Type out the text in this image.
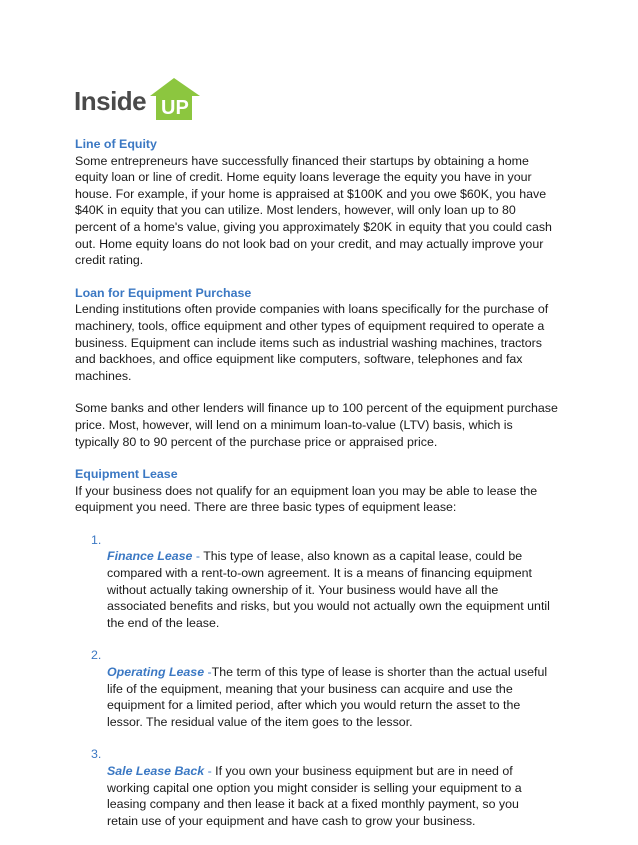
Inside UP

Line of Equity

Some entrepreneurs have successfully financed their startups by obtaining a home
equity loan or line of credit. Home equity loans leverage the equity you have in your
house. For example, if your home is appraised at $100K and you owe $60K, you have
$40K in equity that you can utilize. Most lenders, however, will only loan up to 80
percent of a home's value, giving you approximately $20K in equity that you could cash
out. Home equity loans do not look bad on your credit, and may actually improve your
credit rating.

Loan for Equipment Purchase

Lending institutions often provide companies with loans specifically for the purchase of
machinery, tools, office equipment and other types of equipment required to operate a
business. Equipment can include items such as industrial washing machines, tractors
and backhoes, and office equipment like computers, software, telephones and fax
machines.

Some banks and other lenders will finance up to 100 percent of the equipment purchase
price. Most, however, will lend on a minimum loan-to-value (LTV) basis, which is
typically 80 to 90 percent of the purchase price or appraised price.

Equipment Lease

If your business does not qualify for an equipment loan you may be able to lease the
equipment you need. There are three basic types of equipment lease:

1.
Finance Lease - This type of lease, also known as a capital lease, could be
compared with a rent-to-own agreement. It is a means of financing equipment
without actually taking ownership of it. Your business would have all the
associated benefits and risks, but you would not actually own the equipment until
the end of the lease.

2.
Operating Lease -The term of this type of lease is shorter than the actual useful
life of the equipment, meaning that your business can acquire and use the
equipment for a limited period, after which you would return the asset to the
lessor. The residual value of the item goes to the lessor.

3.
Sale Lease Back - If you own your business equipment but are in need of
working capital one option you might consider is selling your equipment to a
leasing company and then lease it back at a fixed monthly payment, so you
retain use of your equipment and have cash to grow your business.
